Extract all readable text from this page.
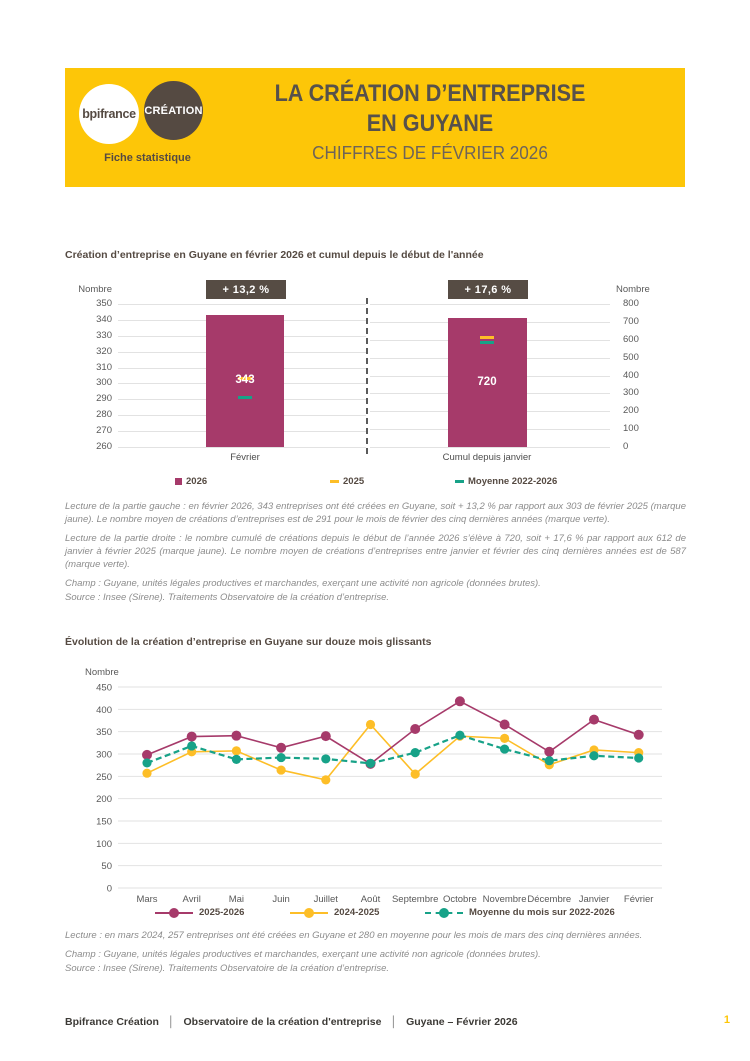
bpifrance CRÉATION
Fiche statistique
LA CRÉATION D’ENTREPRISE
EN GUYANE
CHIFFRES DE FÉVRIER 2026
Création d’entreprise en Guyane en février 2026 et cumul depuis le début de l'année
Nombre	Nombre
+ 13,2 %	+ 17,6 %
350
340
330
320
310
300
290
280
270
260
343
800
700
600
500
400
300
200
100
0
720
Février	Cumul depuis janvier
2026	2025	Moyenne 2022-2026

Lecture de la partie gauche : en février 2026, 343 entreprises ont été créées en Guyane, soit + 13,2 % par rapport aux 303 de février 2025 (marque jaune). Le nombre moyen de créations d’entreprises est de 291 pour le mois de février des cinq dernières années (marque verte).

Lecture de la partie droite : le nombre cumulé de créations depuis le début de l’année 2026 s’élève à 720, soit + 17,6 % par rapport aux 612 de janvier à février 2025 (marque jaune). Le nombre moyen de créations d’entreprises entre janvier et février des cinq dernières années est de 587 (marque verte).

Champ : Guyane, unités légales productives et marchandes, exerçant une activité non agricole (données brutes).

Source : Insee (Sirene). Traitements Observatoire de la création d’entreprise.

Évolution de la création d’entreprise en Guyane sur douze mois glissants
Nombre
0
50
100
150
200
250
300
350
400
450
Mars	Avril	Mai	Juin	Juillet Août Septembre Octobre Novembre Décembre Janvier Février
2025-2026	2024-2025	Moyenne du mois sur 2022-2026

Lecture : en mars 2024, 257 entreprises ont été créées en Guyane et 280 en moyenne pour les mois de mars des cinq dernières années.

Champ : Guyane, unités légales productives et marchandes, exerçant une activité non agricole (données brutes).

Source : Insee (Sirene). Traitements Observatoire de la création d’entreprise.

Bpifrance Création │ Observatoire de la création d'entreprise │ Guyane – Février 2026	1
